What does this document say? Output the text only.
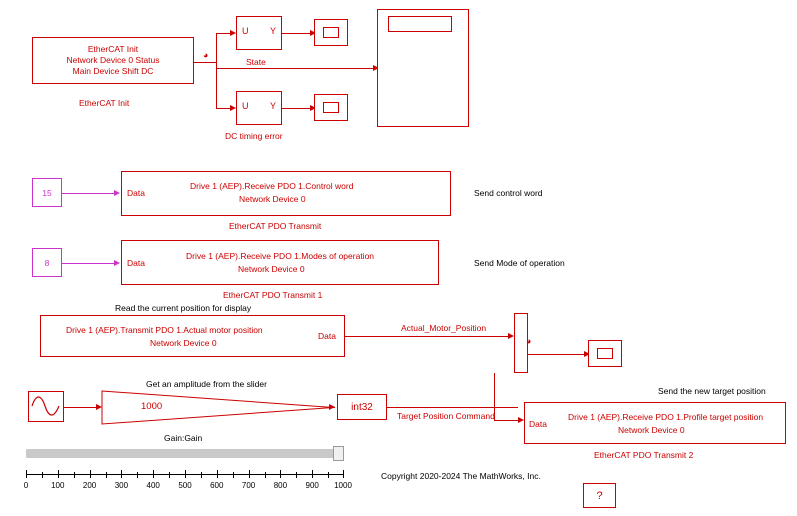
EtherCAT Init
Network Device 0 Status
Main Device Shift DC
EtherCAT Init
◕
U Y
State
U Y
DC timing error
15	Data
Drive 1 (AEP).Receive PDO 1.Control word
Network Device 0
EtherCAT PDO Transmit
Send control word
8	Data
Drive 1 (AEP).Receive PDO 1.Modes of operation
Network Device 0
EtherCAT PDO Transmit 1
Send Mode of operation
Read the current position for display
Drive 1 (AEP).Transmit PDO 1.Actual motor position
Network Device 0
Data
Actual_Motor_Position
◕
Get an amplitude from the slider
1000
Gain:Gain
int32
Target Position Command
Send the new target position
Data
Drive 1 (AEP).Receive PDO 1.Profile target position
Network Device 0
EtherCAT PDO Transmit 2
0	100	200	300	400	500	600	700	800	900	1000
Copyright 2020-2024 The MathWorks, Inc.
?
